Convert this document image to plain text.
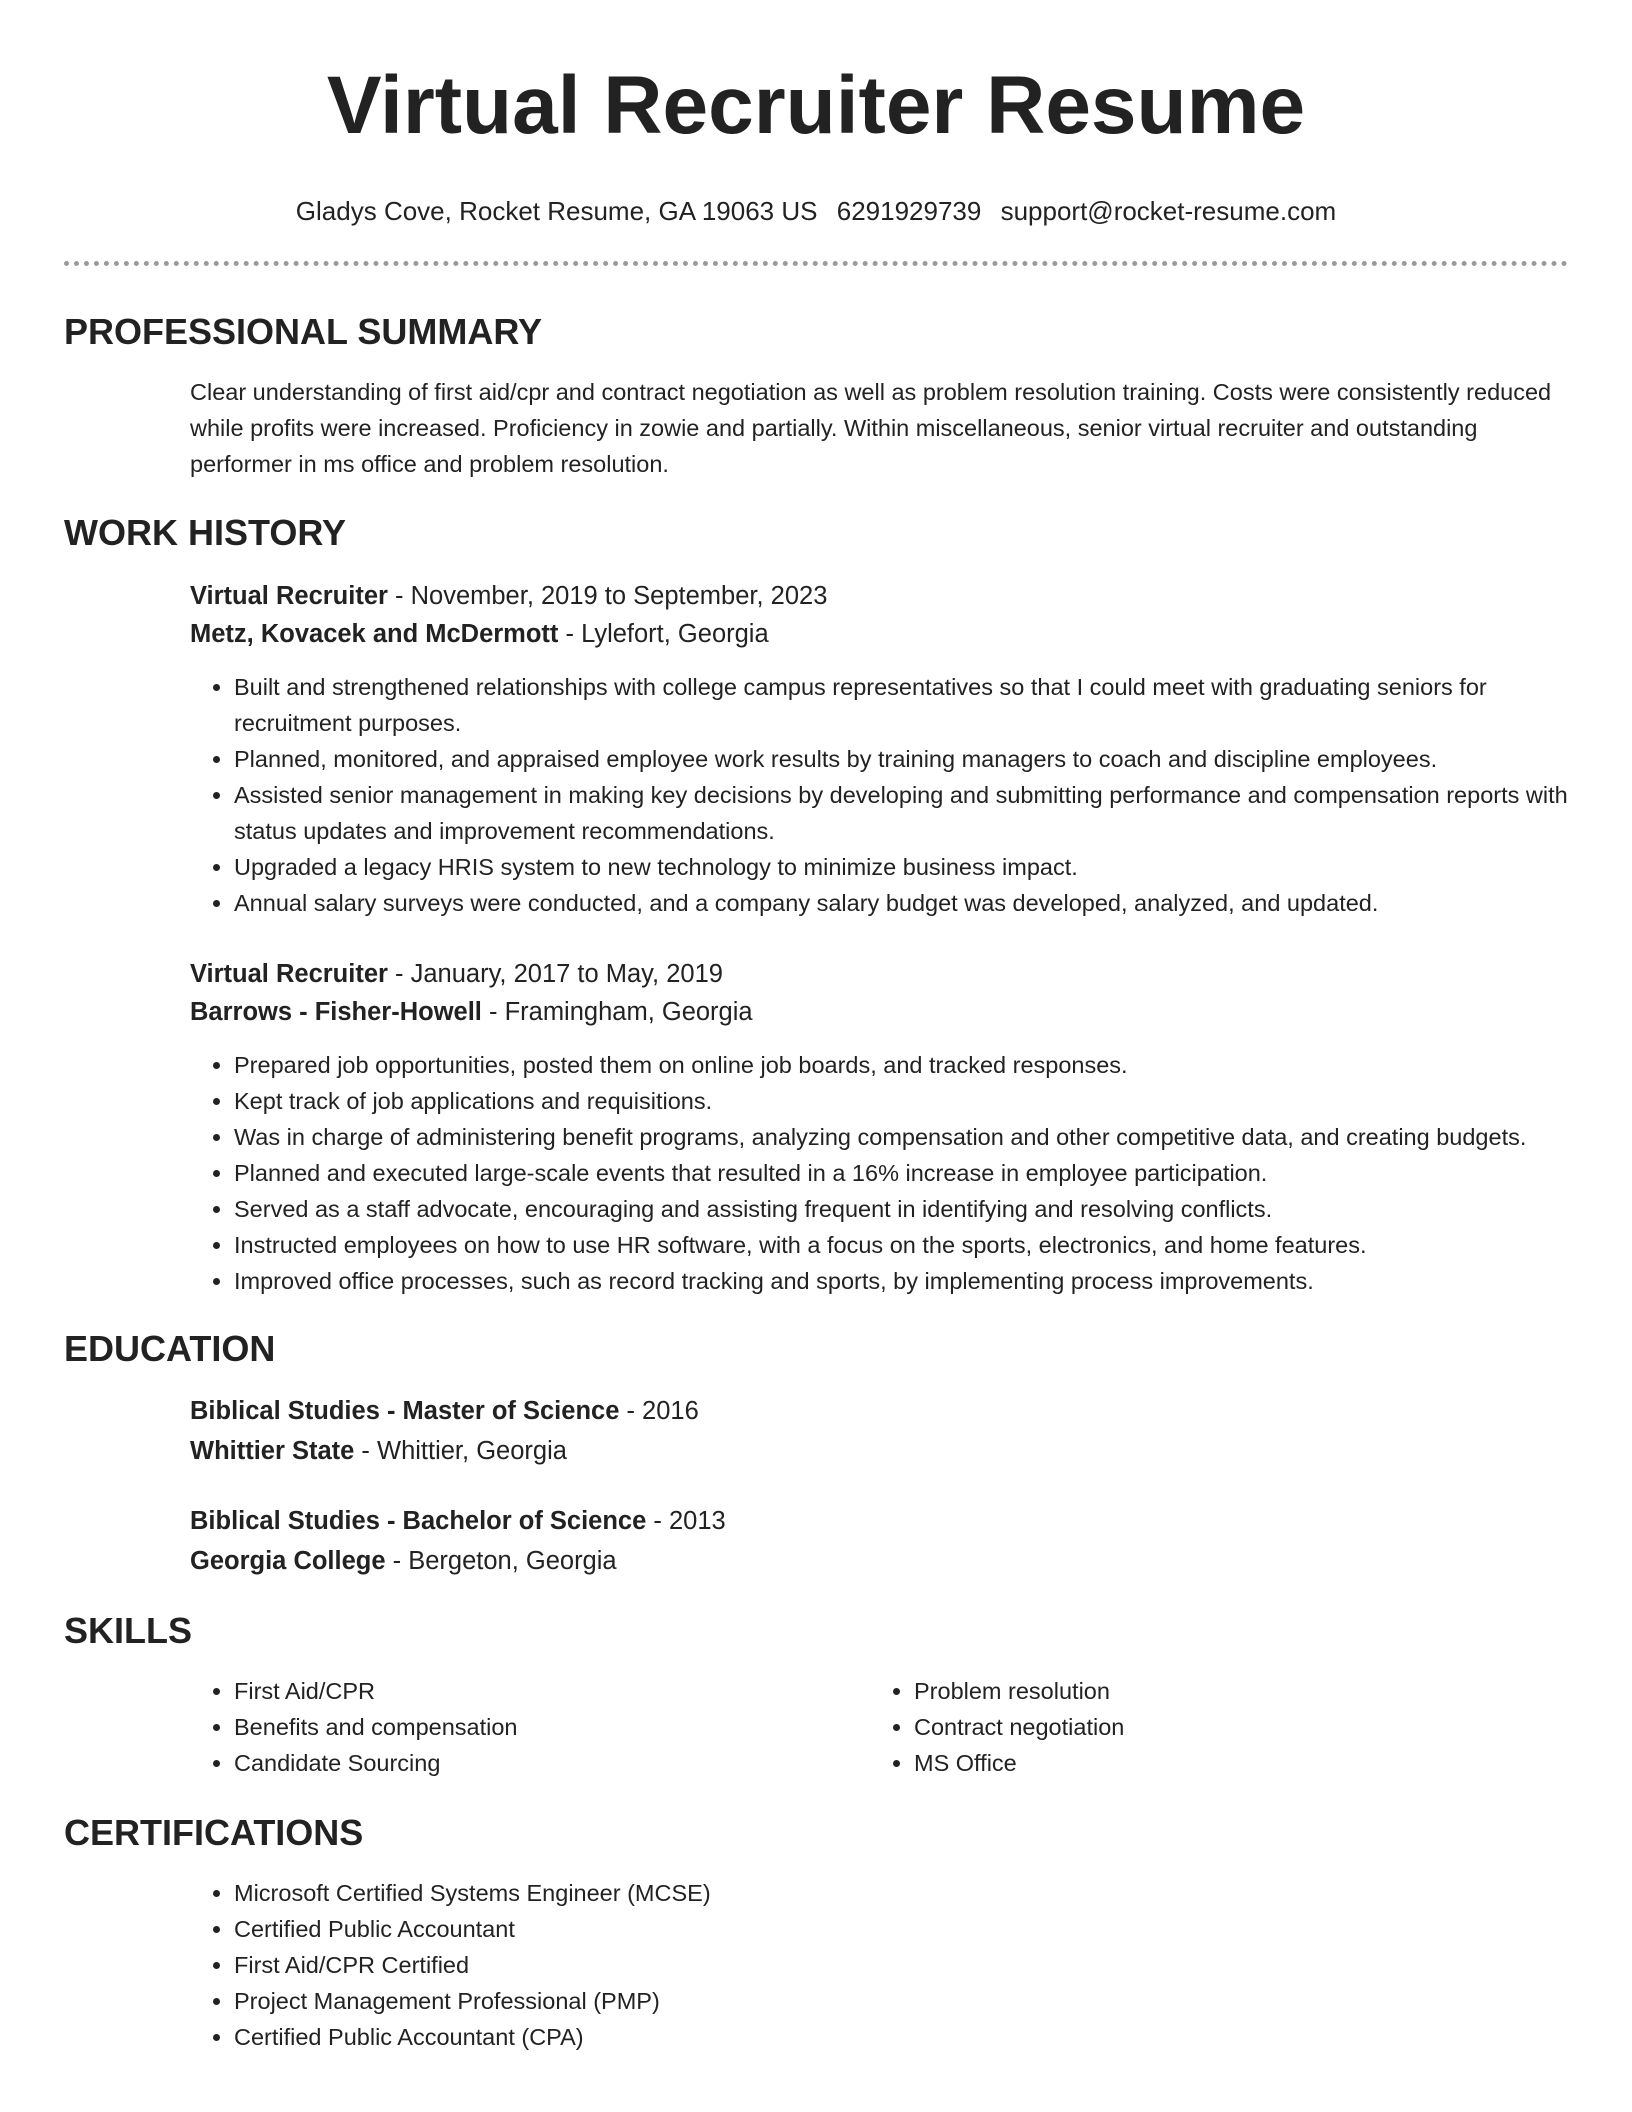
Virtual Recruiter Resume
Gladys Cove, Rocket Resume, GA 19063 US 6291929739 support@rocket-resume.com
PROFESSIONAL SUMMARY
Clear understanding of first aid/cpr and contract negotiation as well as problem resolution training. Costs were consistently reduced while profits were increased. Proficiency in zowie and partially. Within miscellaneous, senior virtual recruiter and outstanding performer in ms office and problem resolution.
WORK HISTORY
Virtual Recruiter - November, 2019 to September, 2023
Metz, Kovacek and McDermott - Lylefort, Georgia
• Built and strengthened relationships with college campus representatives so that I could meet with graduating seniors for recruitment purposes.
• Planned, monitored, and appraised employee work results by training managers to coach and discipline employees.
• Assisted senior management in making key decisions by developing and submitting performance and compensation reports with status updates and improvement recommendations.
• Upgraded a legacy HRIS system to new technology to minimize business impact.
• Annual salary surveys were conducted, and a company salary budget was developed, analyzed, and updated.
Virtual Recruiter - January, 2017 to May, 2019
Barrows - Fisher-Howell - Framingham, Georgia
• Prepared job opportunities, posted them on online job boards, and tracked responses.
• Kept track of job applications and requisitions.
• Was in charge of administering benefit programs, analyzing compensation and other competitive data, and creating budgets.
• Planned and executed large-scale events that resulted in a 16% increase in employee participation.
• Served as a staff advocate, encouraging and assisting frequent in identifying and resolving conflicts.
• Instructed employees on how to use HR software, with a focus on the sports, electronics, and home features.
• Improved office processes, such as record tracking and sports, by implementing process improvements.
EDUCATION
Biblical Studies - Master of Science - 2016
Whittier State - Whittier, Georgia
Biblical Studies - Bachelor of Science - 2013
Georgia College - Bergeton, Georgia
SKILLS
• First Aid/CPR
• Benefits and compensation
• Candidate Sourcing
• Problem resolution
• Contract negotiation
• MS Office
CERTIFICATIONS
• Microsoft Certified Systems Engineer (MCSE)
• Certified Public Accountant
• First Aid/CPR Certified
• Project Management Professional (PMP)
• Certified Public Accountant (CPA)
